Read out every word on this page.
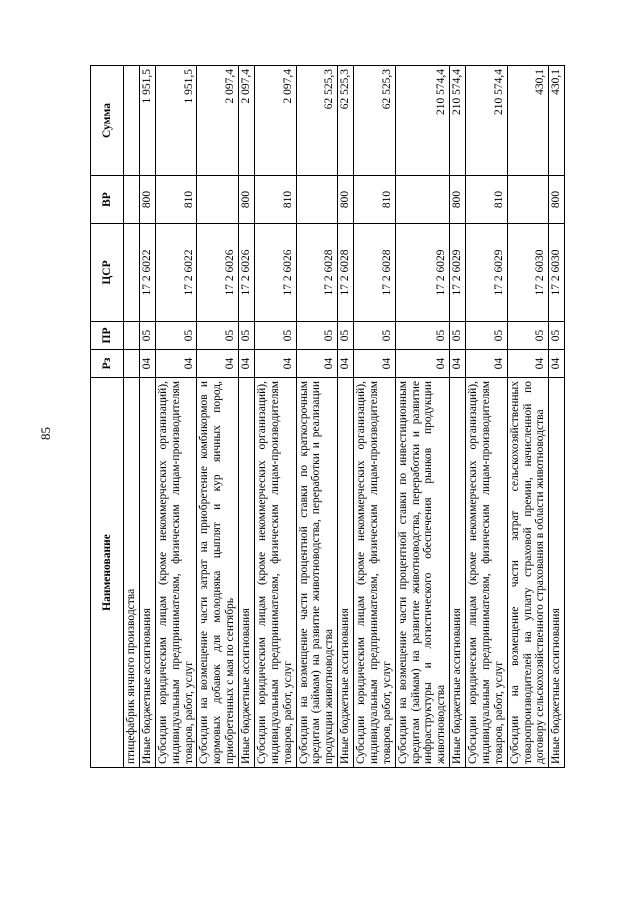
85
Наименование	Рз	ПР	ЦСР	ВР	Сумма
птицефабрик яичного производства					
Иные бюджетные ассигнования	04	05	17 2 6022	800	1 951,5
Субсидии юридическим лицам (кроме некоммерческих организаций), индивидуальным предпринимателям, физическим лицам-производителям товаров, работ, услуг	04	05	17 2 6022	810	1 951,5
Субсидии на возмещение части затрат на приобретение комбикормов и кормовых добавок для молодняка цыплят и кур яичных пород, приобретенных с мая по сентябрь	04	05	17 2 6026		2 097,4
Иные бюджетные ассигнования	04	05	17 2 6026	800	2 097,4
Субсидии юридическим лицам (кроме некоммерческих организаций), индивидуальным предпринимателям, физическим лицам-производителям товаров, работ, услуг	04	05	17 2 6026	810	2 097,4
Субсидии на возмещение части процентной ставки по краткосрочным кредитам (займам) на развитие животноводства, переработки и реализации продукции животноводства	04	05	17 2 6028		62 525,3
Иные бюджетные ассигнования	04	05	17 2 6028	800	62 525,3
Субсидии юридическим лицам (кроме некоммерческих организаций), индивидуальным предпринимателям, физическим лицам-производителям товаров, работ, услуг	04	05	17 2 6028	810	62 525,3
Субсидии на возмещение части процентной ставки по инвестиционным кредитам (займам) на развитие животноводства, переработки и развитие инфраструктуры и логистического обеспечения рынков продукции животноводства	04	05	17 2 6029		210 574,4
Иные бюджетные ассигнования	04	05	17 2 6029	800	210 574,4
Субсидии юридическим лицам (кроме некоммерческих организаций), индивидуальным предпринимателям, физическим лицам-производителям товаров, работ, услуг	04	05	17 2 6029	810	210 574,4
Субсидии на возмещение части затрат сельскохозяйственных товаропроизводителей на уплату страховой премии, начисленной по договору сельскохозяйственного страхования в области животноводства	04	05	17 2 6030		430,1
Иные бюджетные ассигнования	04	05	17 2 6030	800	430,1
